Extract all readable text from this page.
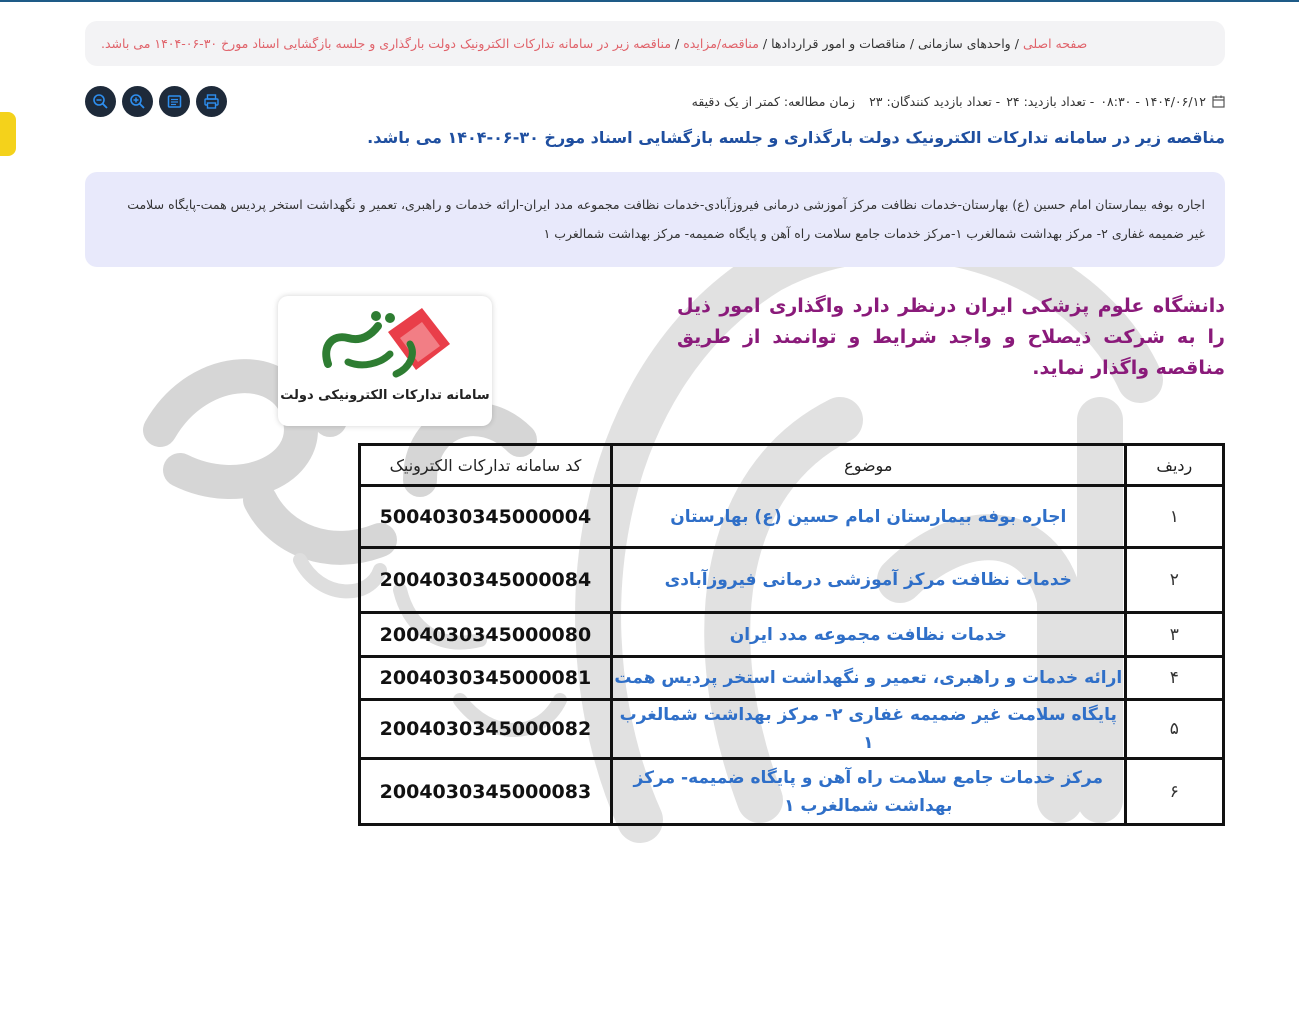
صفحه اصلی
/
واحدهای سازمانی
/
مناقصات و امور قراردادها
/
مناقصه/مزایده
/
مناقصه زیر در سامانه تدارکات الکترونیک دولت بارگذاری و جلسه بازگشایی اسناد مورخ ۳۰-۰۶-۱۴۰۴ می باشد.
۱۴۰۴/۰۶/۱۲ - ۰۸:۳۰
- تعداد بازدید: ۲۴
- تعداد بازدید کنندگان: ۲۳
زمان مطالعه: کمتر از یک دقیقه
مناقصه زیر در سامانه تدارکات الکترونیک دولت بارگذاری و جلسه بازگشایی اسناد مورخ ۳۰-۰۶-۱۴۰۴ می باشد.
اجاره بوفه بیمارستان امام حسین (ع) بهارستان-خدمات نظافت مرکز آموزشی درمانی فیروزآبادی-خدمات نظافت مجموعه مدد ایران-ارائه خدمات و راهبری، تعمیر و نگهداشت استخر پردیس همت-پایگاه سلامت
غیر ضمیمه غفاری ۲- مرکز بهداشت شمالغرب ۱-مرکز خدمات جامع سلامت راه آهن و پایگاه ضمیمه- مرکز بهداشت شمالغرب ۱
دانشگاه علوم پزشکی ایران درنظر دارد واگذاری امور ذیل را به شرکت ذیصلاح و واجد شرایط و توانمند از طریق مناقصه واگذار نماید.
سامانه تدارکات الکترونیکی دولت
ردیف	موضوع	کد سامانه تدارکات الکترونیک
۱	اجاره بوفه بیمارستان امام حسین (ع) بهارستان	5004030345000004
۲	خدمات نظافت مرکز آموزشی درمانی فیروزآبادی	2004030345000084
۳	خدمات نظافت مجموعه مدد ایران	2004030345000080
۴	ارائه خدمات و راهبری، تعمیر و نگهداشت استخر پردیس همت	2004030345000081
۵	پایگاه سلامت غیر ضمیمه غفاری ۲- مرکز بهداشت شمالغرب ۱	2004030345000082
۶	مرکز خدمات جامع سلامت راه آهن و پایگاه ضمیمه- مرکز بهداشت شمالغرب ۱	2004030345000083
